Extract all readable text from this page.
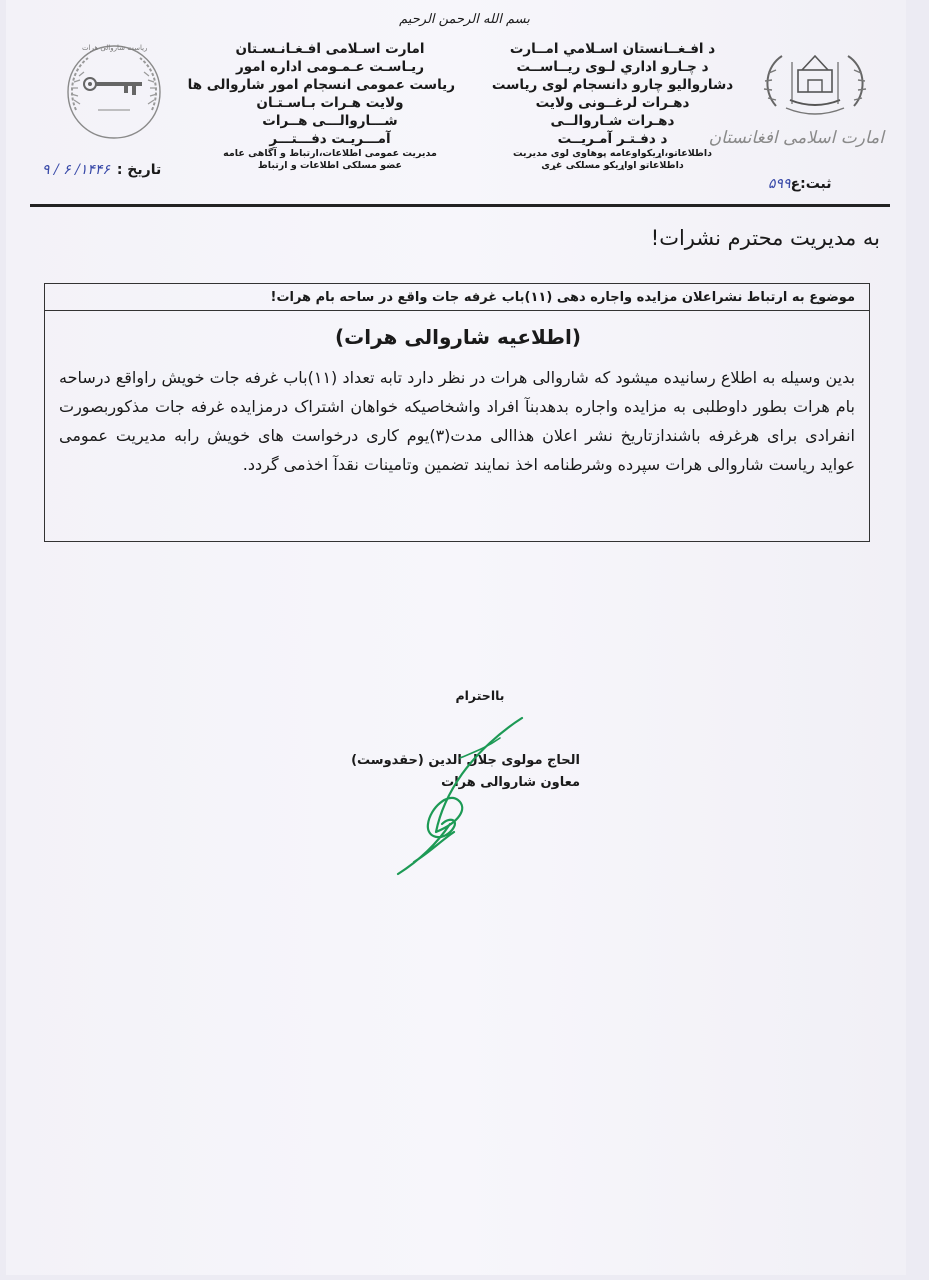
بسم الله الرحمن الرحیم
ریاست شاروالی هرات	امارت اسـلامی افـغـانـسـتان
ریـاسـت عـمـومی اداره امور
ریاست عمومی انسجام امور شاروالی ها
ولایت هـرات بـاسـتـان
شـــاروالـــی هــرات
آمـــریـت دفـــتـــر
مدیریت عمومی اطلاعات،ارتباط و آگاهی عامه
عضو مسلکی اطلاعات و ارتباط
د افـغــانستان اسـلامي امــارت
د چـارو اداري لـوی ریــاســت
دشاروالیو چارو دانسجام لوی ریاست
دهـرات لرغــونی ولایت
دهـرات شـاروالــی
د دفـتـر آمـریــت
داطلاعاتو،اړیکواوعامه پوهاوی لوی مدیریت
داطلاعاتو اواړیکو مسلکی غړی
امارت اسلامی افغانستان
تاریخ : ۱۴۴۶/ ۶ / ۹
ثبت:ع۵۹۹
به مدیریت محترم نشرات!
موضوع به ارتباط نشراعلان مزایده واجاره دهی (۱۱)باب غرفه جات واقع در ساحه بام هرات!
(اطلاعیه شاروالی هرات)
بدین وسیله به اطلاع رسانیده میشود که شاروالی هرات در نظر دارد تابه تعداد (۱۱)باب غرفه جات خویش راواقع درساحه بام هرات بطور داوطلبی به مزایده واجاره بدهدبنآ افراد واشخاصیکه خواهان اشتراک درمزایده غرفه جات مذکوربصورت انفرادی برای هرغرفه باشندازتاریخ نشر اعلان هذاالی مدت(۳)یوم کاری درخواست های خویش رابه مدیریت عمومی عواید ریاست شاروالی هرات سپرده وشرطنامه اخذ نمایند تضمین وتامینات نقدآ اخذمی گردد.
بااحترام
الحاج مولوی جلال الدین (حقدوست)
معاون شاروالی هرات
